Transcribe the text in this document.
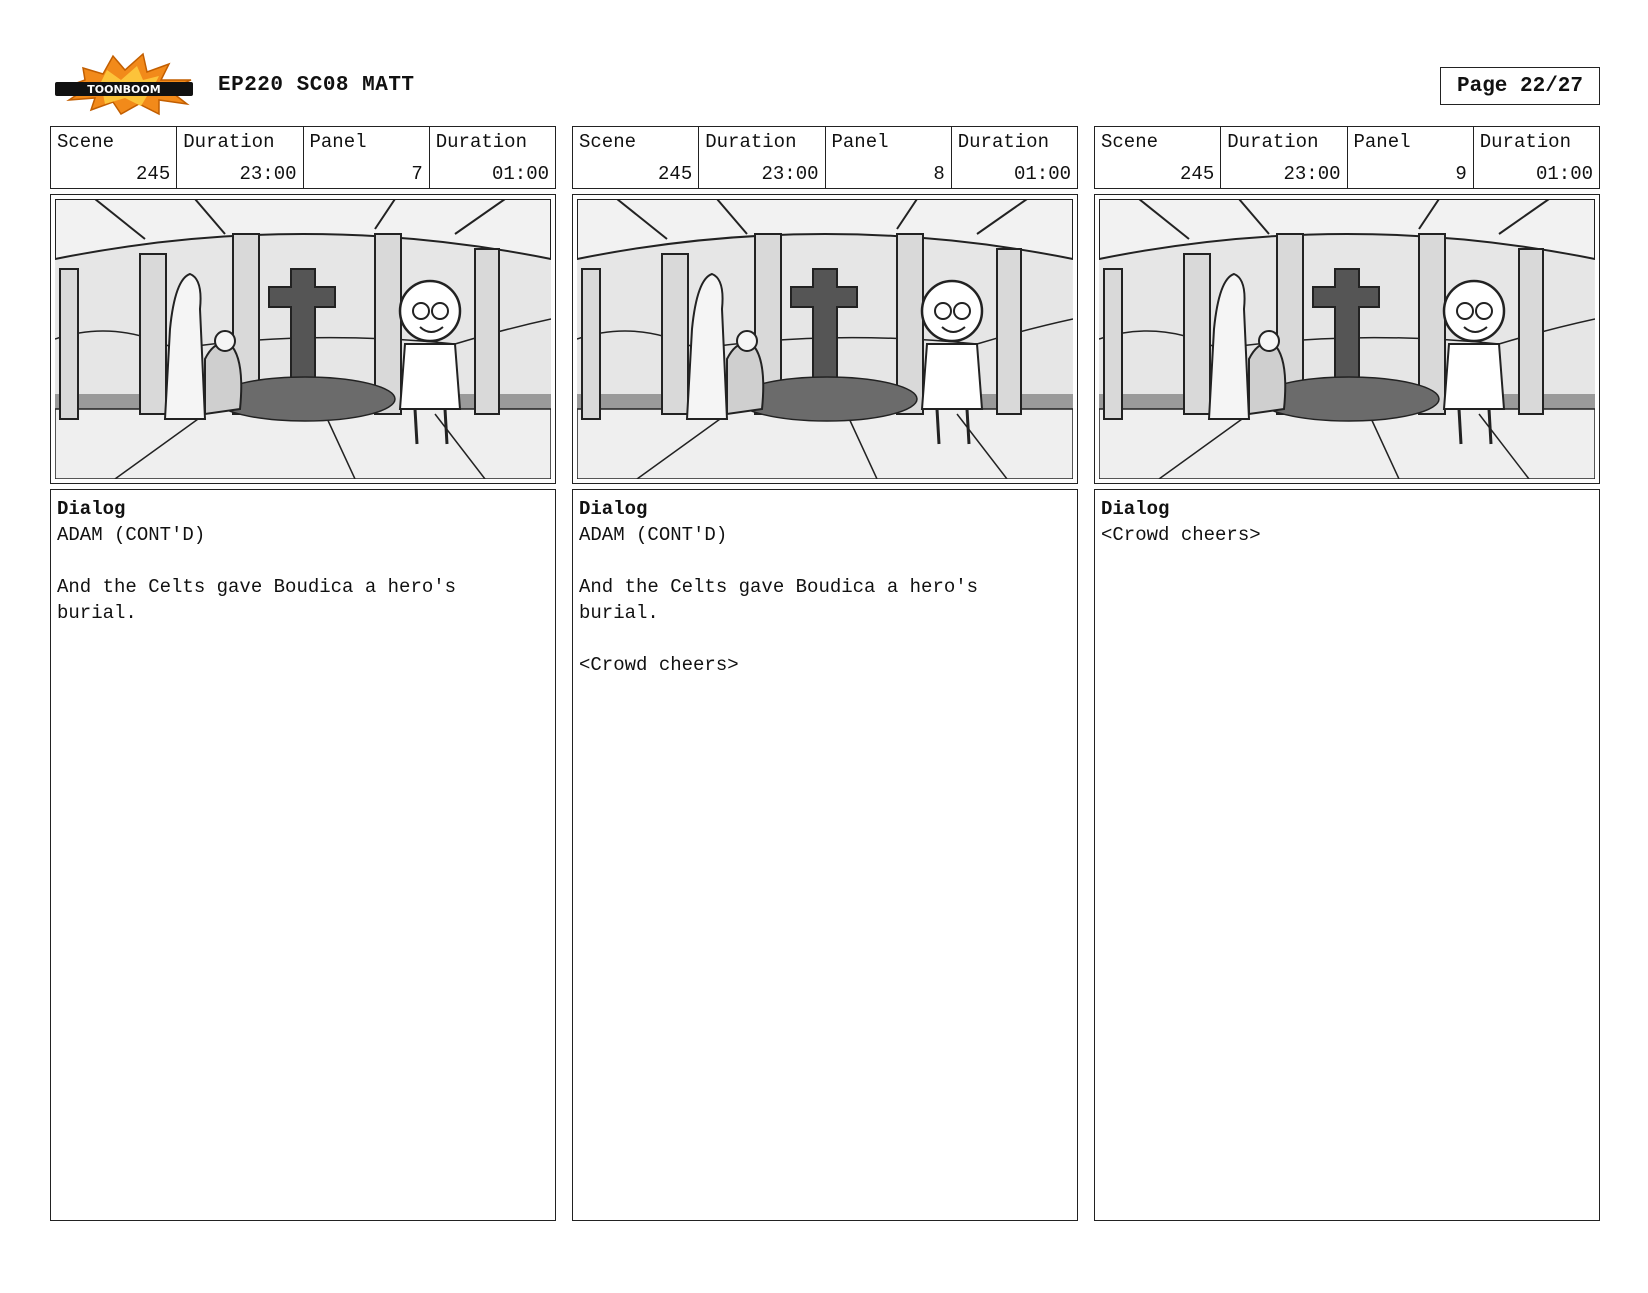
TOONBOOM	EP220 SC08 MATT	Page 22/27
Scene
245
Duration
23:00
Panel
7
Duration
01:00
Dialog
ADAM (CONT'D)
And the Celts gave Boudica a hero's
burial.
Scene
245
Duration
23:00
Panel
8
Duration
01:00
Dialog
ADAM (CONT'D)
And the Celts gave Boudica a hero's
burial.
<Crowd cheers>
Scene
245
Duration
23:00
Panel
9
Duration
01:00
Dialog
<Crowd cheers>
